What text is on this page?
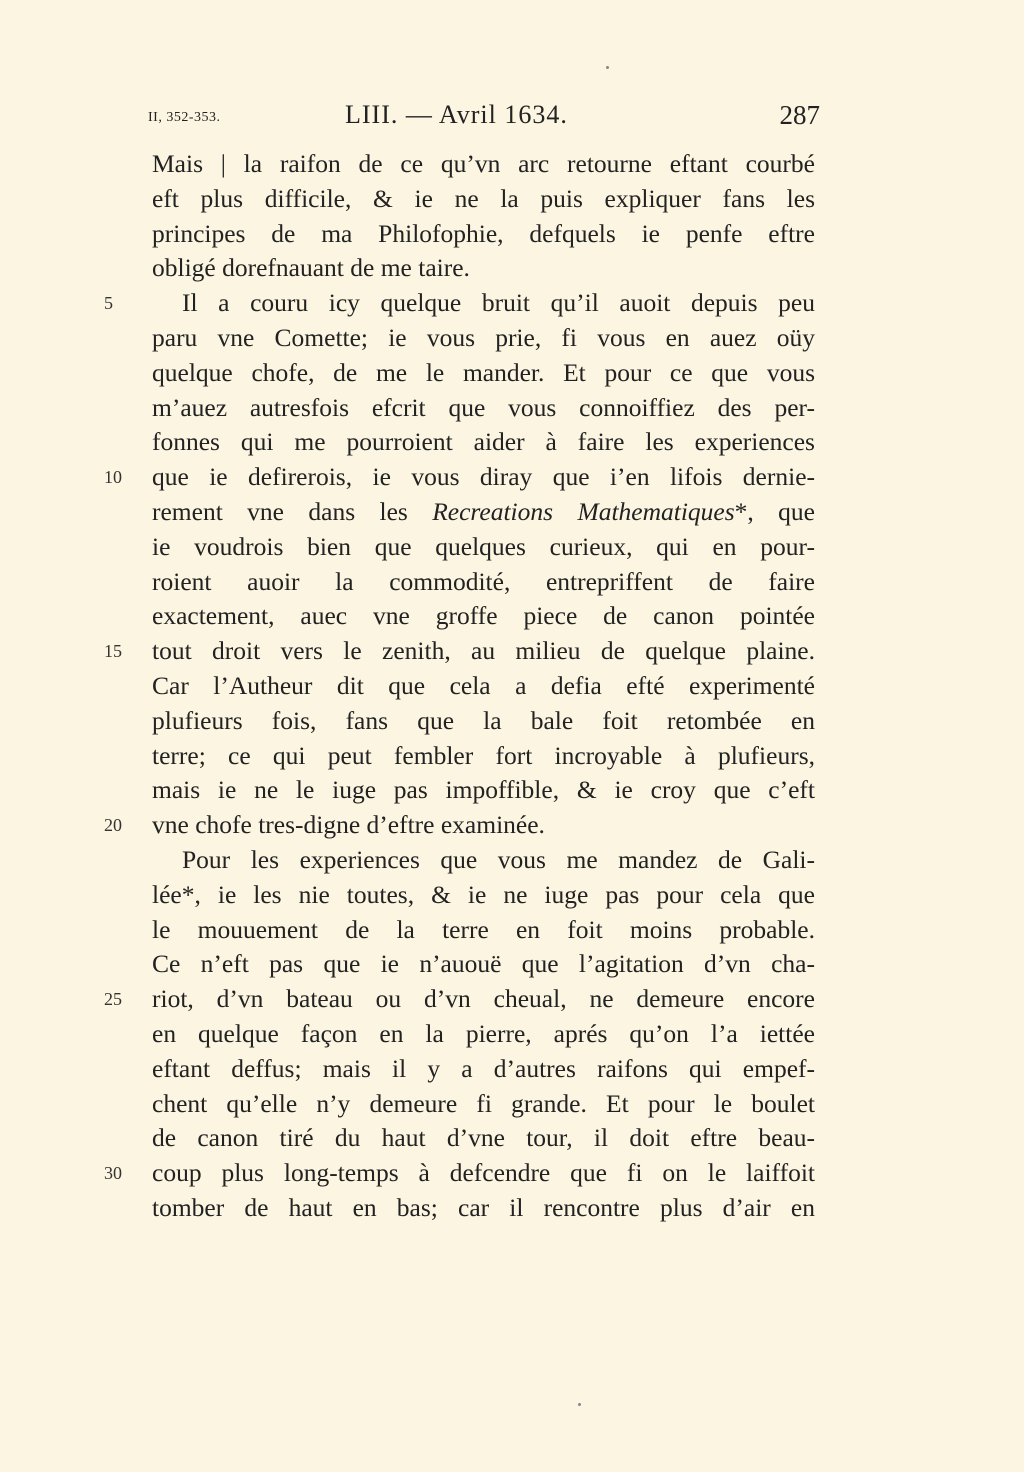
II, 352-353.	LIII. — Avril 1634.	287
Mais | la raifon de ce qu’vn arc retourne eftant courbé
eft plus difficile, & ie ne la puis expliquer fans les
principes de ma Philofophie, defquels ie penfe eftre
obligé dorefnauant de me taire.
5	Il a couru icy quelque bruit qu’il auoit depuis peu
paru vne Comette; ie vous prie, fi vous en auez oüy
quelque chofe, de me le mander. Et pour ce que vous
m’auez autresfois efcrit que vous connoiffiez des per-
fonnes qui me pourroient aider à faire les experiences
10 que ie defirerois, ie vous diray que i’en lifois dernie-
rement vne dans les Recreations Mathematiques*, que
ie voudrois bien que quelques curieux, qui en pour-
roient auoir la commodité, entrepriffent de faire
exactement, auec vne groffe piece de canon pointée
15 tout droit vers le zenith, au milieu de quelque plaine.
Car l’Autheur dit que cela a defia efté experimenté
plufieurs fois, fans que la bale foit retombée en
terre; ce qui peut fembler fort incroyable à plufieurs,
mais ie ne le iuge pas impoffible, & ie croy que c’eft
20 vne chofe tres-digne d’eftre examinée.
Pour les experiences que vous me mandez de Gali-
lée*, ie les nie toutes, & ie ne iuge pas pour cela que
le mouuement de la terre en foit moins probable.
Ce n’eft pas que ie n’auouë que l’agitation d’vn cha-
25 riot, d’vn bateau ou d’vn cheual, ne demeure encore
en quelque façon en la pierre, aprés qu’on l’a iettée
eftant deffus; mais il y a d’autres raifons qui empef-
chent qu’elle n’y demeure fi grande. Et pour le boulet
de canon tiré du haut d’vne tour, il doit eftre beau-
30 coup plus long-temps à defcendre que fi on le laiffoit
tomber de haut en bas; car il rencontre plus d’air en
